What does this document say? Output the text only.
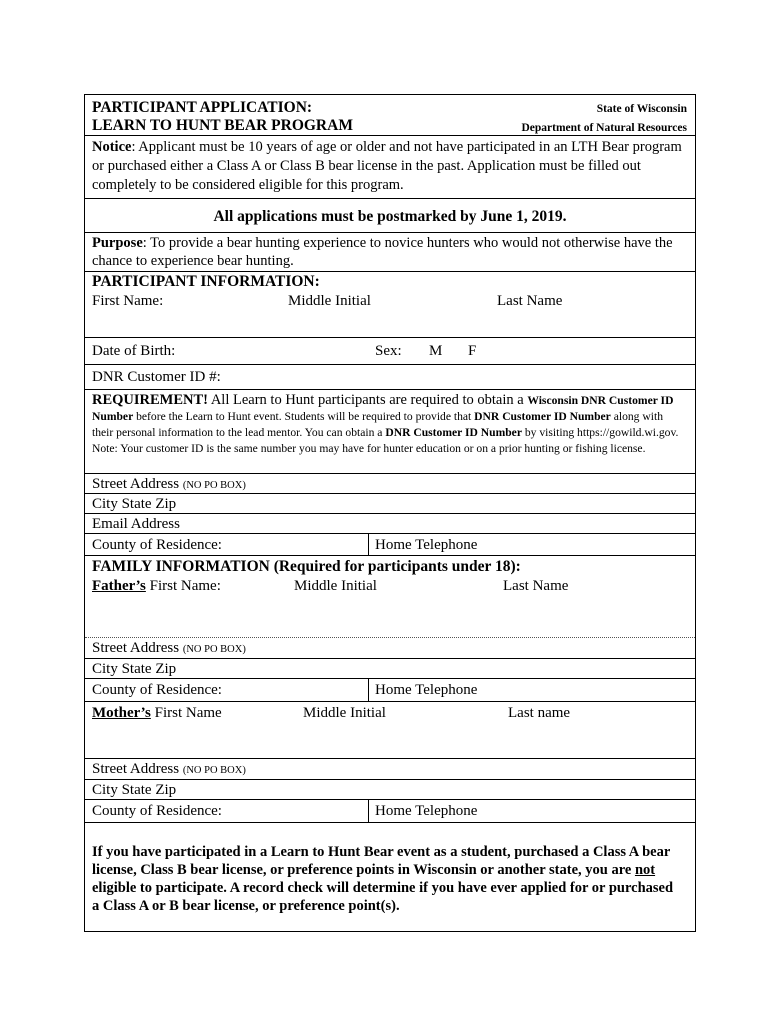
PARTICIPANT APPLICATION:
LEARN TO HUNT BEAR PROGRAM
State of Wisconsin
Department of Natural Resources
Notice: Applicant must be 10 years of age or older and not have participated in an LTH Bear program or purchased either a Class A or Class B bear license in the past. Application must be filled out completely to be considered eligible for this program.
All applications must be postmarked by June 1, 2019.
Purpose: To provide a bear hunting experience to novice hunters who would not otherwise have the chance to experience bear hunting.
PARTICIPANT INFORMATION:
First Name:	Middle Initial	Last Name
Date of Birth:	Sex: M F
DNR Customer ID #:
REQUIREMENT! All Learn to Hunt participants are required to obtain a Wisconsin DNR Customer ID Number before the Learn to Hunt event. Students will be required to provide that DNR Customer ID Number along with their personal information to the lead mentor. You can obtain a DNR Customer ID Number by visiting https://gowild.wi.gov. Note: Your customer ID is the same number you may have for hunter education or on a prior hunting or fishing license.
Street Address (NO PO BOX)
City State Zip
Email Address
County of Residence:	Home Telephone
FAMILY INFORMATION (Required for participants under 18):
Father’s First Name:	Middle Initial	Last Name
Street Address (NO PO BOX)
City State Zip
County of Residence:	Home Telephone
Mother’s First Name	Middle Initial	Last name
Street Address (NO PO BOX)
City State Zip
County of Residence:	Home Telephone
If you have participated in a Learn to Hunt Bear event as a student, purchased a Class A bear license, Class B bear license, or preference points in Wisconsin or another state, you are not eligible to participate. A record check will determine if you have ever applied for or purchased a Class A or B bear license, or preference point(s).
